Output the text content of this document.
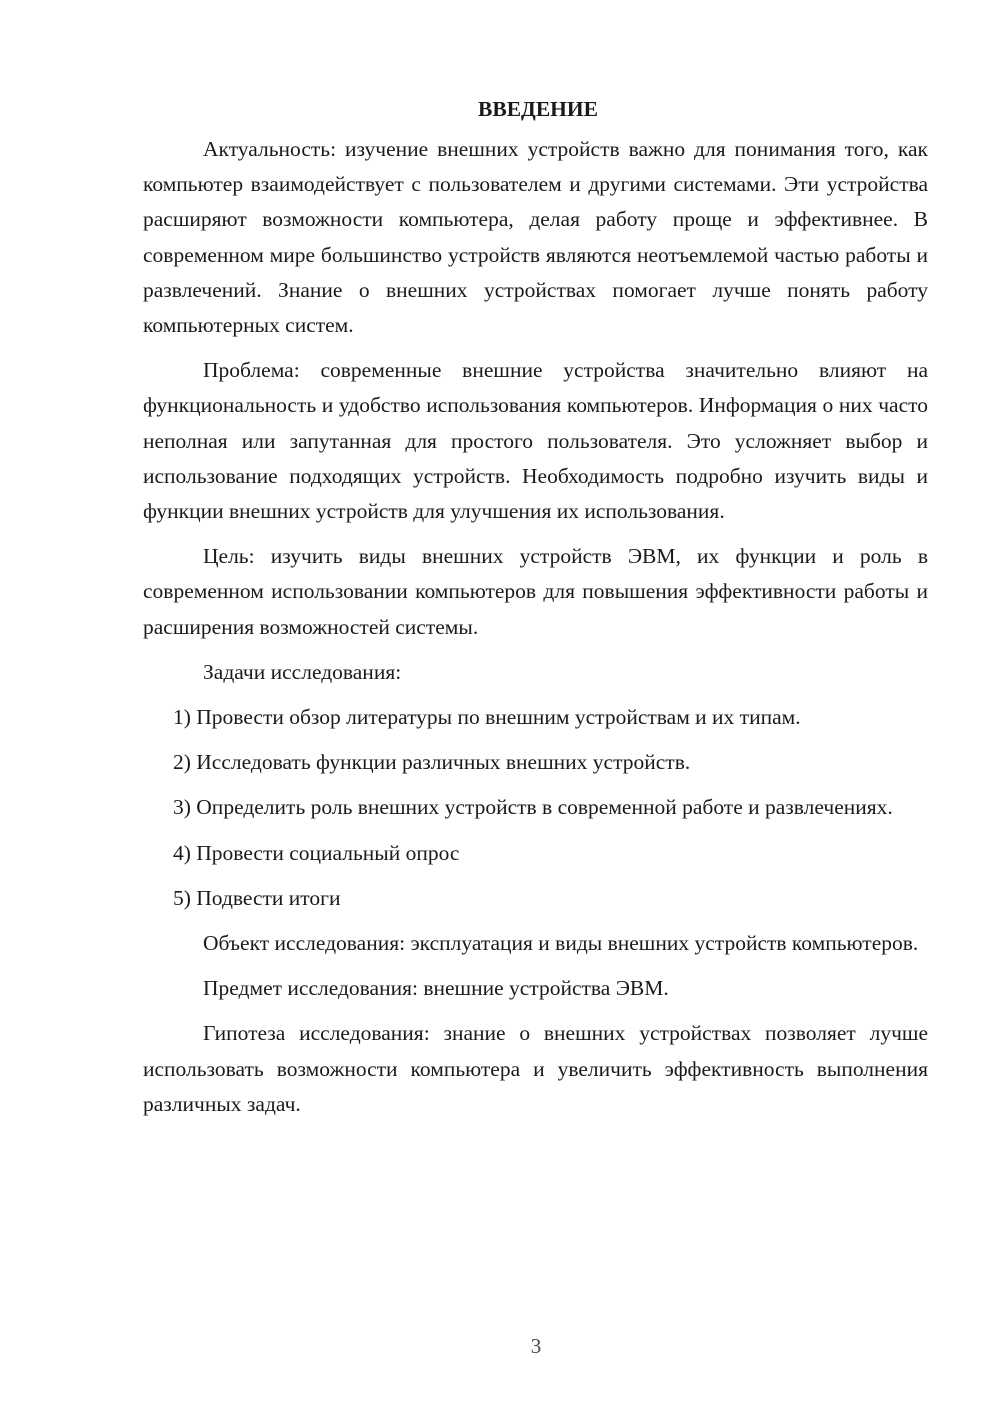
ВВЕДЕНИЕ

Актуальность: изучение внешних устройств важно для понимания того, как компьютер взаимодействует с пользователем и другими системами. Эти устройства расширяют возможности компьютера, делая работу проще и эффективнее. В современном мире большинство устройств являются неотъемлемой частью работы и развлечений. Знание о внешних устройствах помогает лучше понять работу компьютерных систем.

Проблема: современные внешние устройства значительно влияют на функциональность и удобство использования компьютеров. Информация о них часто неполная или запутанная для простого пользователя. Это усложняет выбор и использование подходящих устройств. Необходимость подробно изучить виды и функции внешних устройств для улучшения их использования.

Цель: изучить виды внешних устройств ЭВМ, их функции и роль в современном использовании компьютеров для повышения эффективности работы и расширения возможностей системы.

Задачи исследования:

1) Провести обзор литературы по внешним устройствам и их типам.

2) Исследовать функции различных внешних устройств.

3) Определить роль внешних устройств в современной работе и развлечениях.

4) Провести социальный опрос

5) Подвести итоги

Объект исследования: эксплуатация и виды внешних устройств компьютеров.

Предмет исследования: внешние устройства ЭВМ.

Гипотеза исследования: знание о внешних устройствах позволяет лучше использовать возможности компьютера и увеличить эффективность выполнения различных задач.

3
